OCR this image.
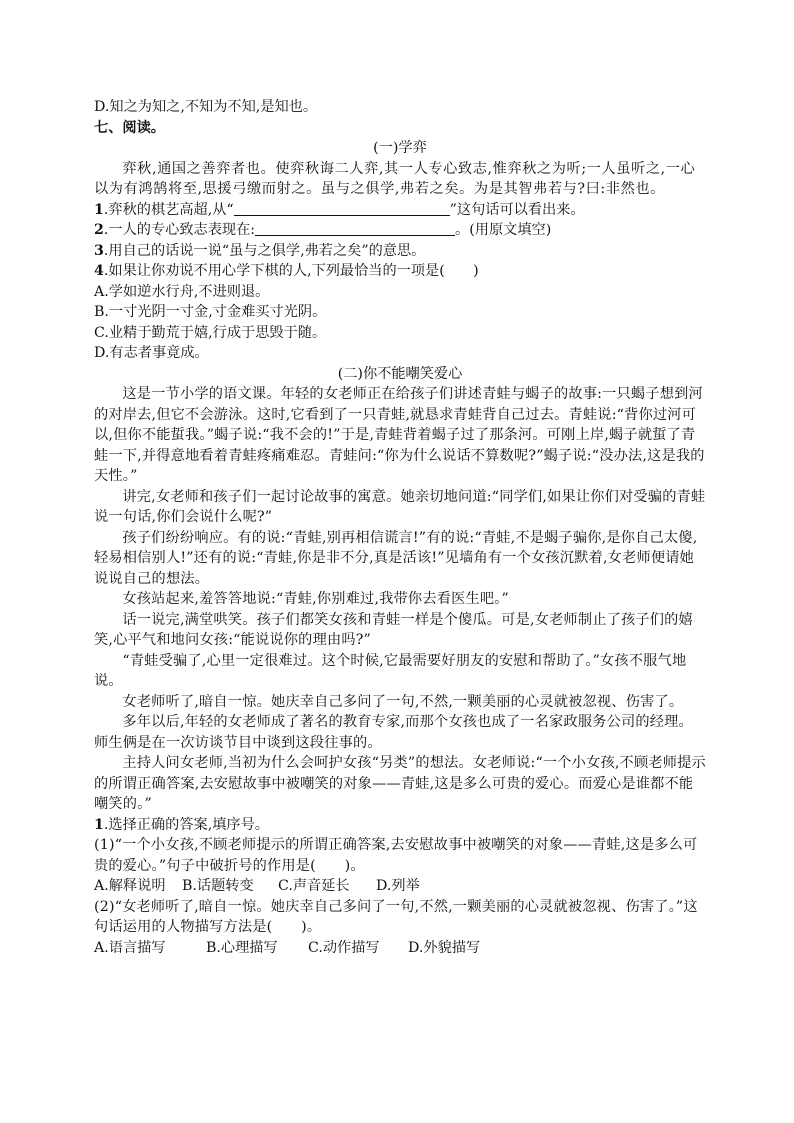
D.知之为知之,不知为不知,是知也。

七、阅读。

(一)学弈

弈秋,通国之善弈者也。使弈秋诲二人弈,其一人专心致志,惟弈秋之为听;一人虽听之,一心以为有鸿鹄将至,思援弓缴而射之。虽与之俱学,弗若之矣。为是其智弗若与?曰:非然也。

1.弈秋的棋艺高超,从“	”这句话可以看出来。

2.一人的专心致志表现在:	。(用原文填空)

3.用自己的话说一说“虽与之俱学,弗若之矣”的意思。

4.如果让你劝说不用心学下棋的人,下列最恰当的一项是(　　)

A.学如逆水行舟,不进则退。

B.一寸光阴一寸金,寸金难买寸光阴。

C.业精于勤荒于嬉,行成于思毁于随。

D.有志者事竟成。

(二)你不能嘲笑爱心

这是一节小学的语文课。年轻的女老师正在给孩子们讲述青蛙与蝎子的故事:一只蝎子想到河的对岸去,但它不会游泳。这时,它看到了一只青蛙,就恳求青蛙背自己过去。青蛙说:“背你过河可以,但你不能蜇我。”蝎子说:“我不会的!”于是,青蛙背着蝎子过了那条河。可刚上岸,蝎子就蜇了青蛙一下,并得意地看着青蛙疼痛难忍。青蛙问:“你为什么说话不算数呢?”蝎子说:“没办法,这是我的天性。”

讲完,女老师和孩子们一起讨论故事的寓意。她亲切地问道:“同学们,如果让你们对受骗的青蛙说一句话,你们会说什么呢?”

孩子们纷纷响应。有的说:“青蛙,别再相信谎言!”有的说:“青蛙,不是蝎子骗你,是你自己太傻,轻易相信别人!”还有的说:“青蛙,你是非不分,真是活该!”见墙角有一个女孩沉默着,女老师便请她说说自己的想法。

女孩站起来,羞答答地说:“青蛙,你别难过,我带你去看医生吧。”

话一说完,满堂哄笑。孩子们都笑女孩和青蛙一样是个傻瓜。可是,女老师制止了孩子们的嬉笑,心平气和地问女孩:“能说说你的理由吗?”

“青蛙受骗了,心里一定很难过。这个时候,它最需要好朋友的安慰和帮助了。”女孩不服气地说。

女老师听了,暗自一惊。她庆幸自己多问了一句,不然,一颗美丽的心灵就被忽视、伤害了。

多年以后,年轻的女老师成了著名的教育专家,而那个女孩也成了一名家政服务公司的经理。师生俩是在一次访谈节目中谈到这段往事的。

主持人问女老师,当初为什么会呵护女孩“另类”的想法。女老师说:“一个小女孩,不顾老师提示的所谓正确答案,去安慰故事中被嘲笑的对象——青蛙,这是多么可贵的爱心。而爱心是谁都不能嘲笑的。”

1.选择正确的答案,填序号。

(1)“一个小女孩,不顾老师提示的所谓正确答案,去安慰故事中被嘲笑的对象——青蛙,这是多么可贵的爱心。”句子中破折号的作用是(　　)。

A.解释说明 B.话题转变 C.声音延长 D.列举

(2)“女老师听了,暗自一惊。她庆幸自己多问了一句,不然,一颗美丽的心灵就被忽视、伤害了。”这句话运用的人物描写方法是(　　)。

A.语言描写	B.心理描写 C.动作描写 D.外貌描写
